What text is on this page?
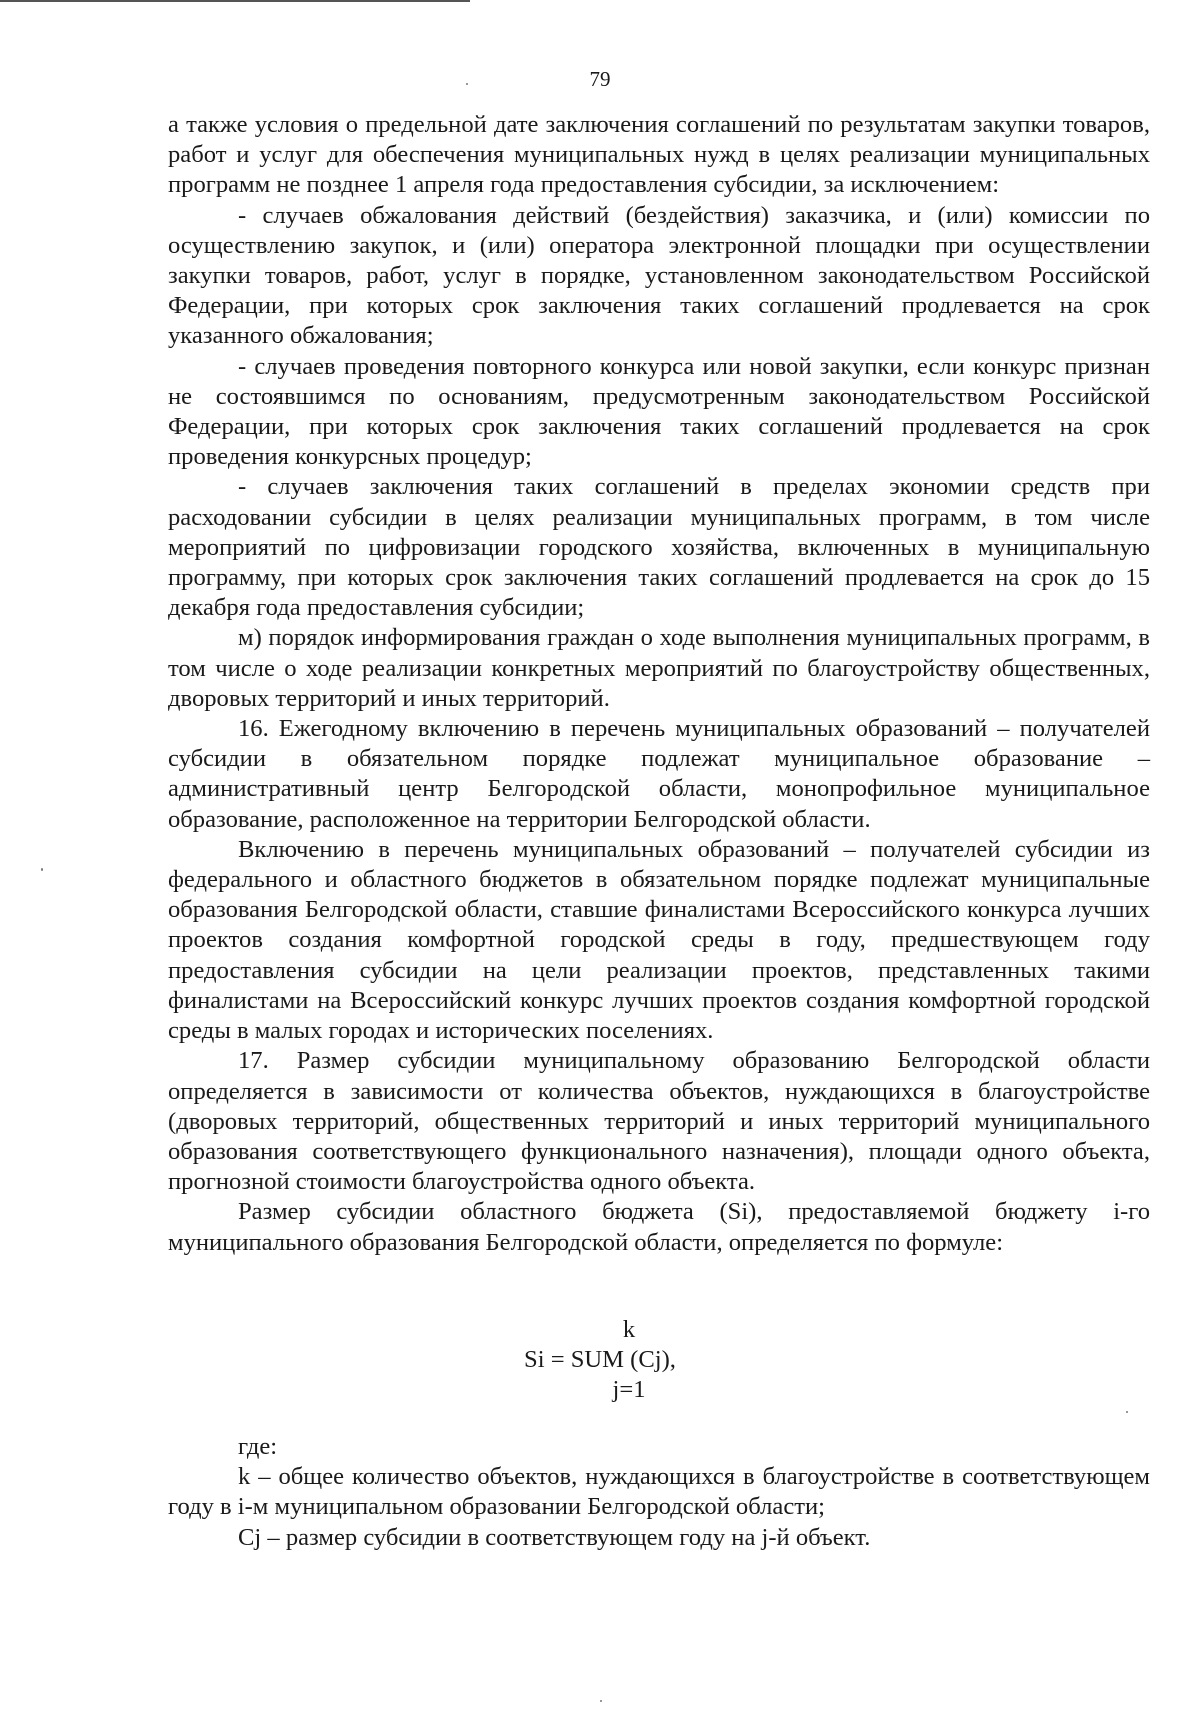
79

а также условия о предельной дате заключения соглашений по результатам закупки товаров, работ и услуг для обеспечения муниципальных нужд в целях реализации муниципальных программ не позднее 1 апреля года предоставления субсидии, за исключением:

- случаев обжалования действий (бездействия) заказчика, и (или) комиссии по осуществлению закупок, и (или) оператора электронной площадки при осуществлении закупки товаров, работ, услуг в порядке, установленном законодательством Российской Федерации, при которых срок заключения таких соглашений продлевается на срок указанного обжалования;

- случаев проведения повторного конкурса или новой закупки, если конкурс признан не состоявшимся по основаниям, предусмотренным законодательством Российской Федерации, при которых срок заключения таких соглашений продлевается на срок проведения конкурсных процедур;

- случаев заключения таких соглашений в пределах экономии средств при расходовании субсидии в целях реализации муниципальных программ, в том числе мероприятий по цифровизации городского хозяйства, включенных в муниципальную программу, при которых срок заключения таких соглашений продлевается на срок до 15 декабря года предоставления субсидии;

м) порядок информирования граждан о ходе выполнения муниципальных программ, в том числе о ходе реализации конкретных мероприятий по благоустройству общественных, дворовых территорий и иных территорий.

16. Ежегодному включению в перечень муниципальных образований – получателей субсидии в обязательном порядке подлежат муниципальное образование – административный центр Белгородской области, монопрофильное муниципальное образование, расположенное на территории Белгородской области.

Включению в перечень муниципальных образований – получателей субсидии из федерального и областного бюджетов в обязательном порядке подлежат муниципальные образования Белгородской области, ставшие финалистами Всероссийского конкурса лучших проектов создания комфортной городской среды в году, предшествующем году предоставления субсидии на цели реализации проектов, представленных такими финалистами на Всероссийский конкурс лучших проектов создания комфортной городской среды в малых городах и исторических поселениях.

17. Размер субсидии муниципальному образованию Белгородской области определяется в зависимости от количества объектов, нуждающихся в благоустройстве (дворовых территорий, общественных территорий и иных территорий муниципального образования соответствующего функционального назначения), площади одного объекта, прогнозной стоимости благоустройства одного объекта.

Размер субсидии областного бюджета (Si), предоставляемой бюджету i-го муниципального образования Белгородской области, определяется по формуле:

k
Si = SUM (Cj),
j=1

где:

k – общее количество объектов, нуждающихся в благоустройстве в соответствующем году в i-м муниципальном образовании Белгородской области;

Cj – размер субсидии в соответствующем году на j-й объект.
